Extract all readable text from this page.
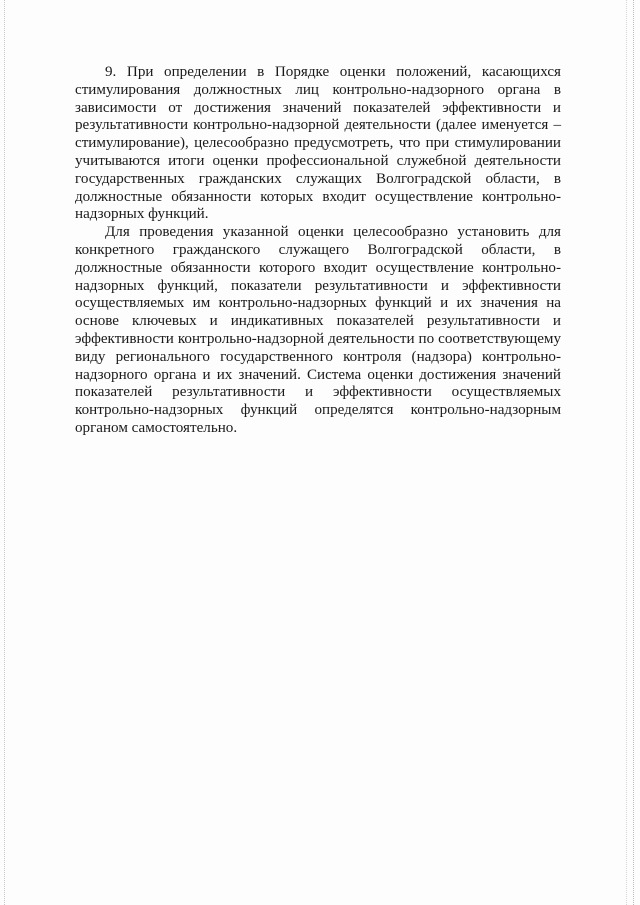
9. При определении в Порядке оценки положений, касающихся стимулирования должностных лиц контрольно-надзорного органа в зависимости от достижения значений показателей эффективности и результативности контрольно-надзорной деятельности (далее именуется – стимулирование), целесообразно предусмотреть, что при стимулировании учитываются итоги оценки профессиональной служебной деятельности государственных гражданских служащих Волгоградской области, в должностные обязанности которых входит осуществление контрольно-надзорных функций.

Для проведения указанной оценки целесообразно установить для конкретного гражданского служащего Волгоградской области, в должностные обязанности которого входит осуществление контрольно-надзорных функций, показатели результативности и эффективности осуществляемых им контрольно-надзорных функций и их значения на основе ключевых и индикативных показателей результативности и эффективности контрольно-надзорной деятельности по соответствующему виду регионального государственного контроля (надзора) контрольно-надзорного органа и их значений. Система оценки достижения значений показателей результативности и эффективности осуществляемых контрольно-надзорных функций определятся контрольно-надзорным органом самостоятельно.
